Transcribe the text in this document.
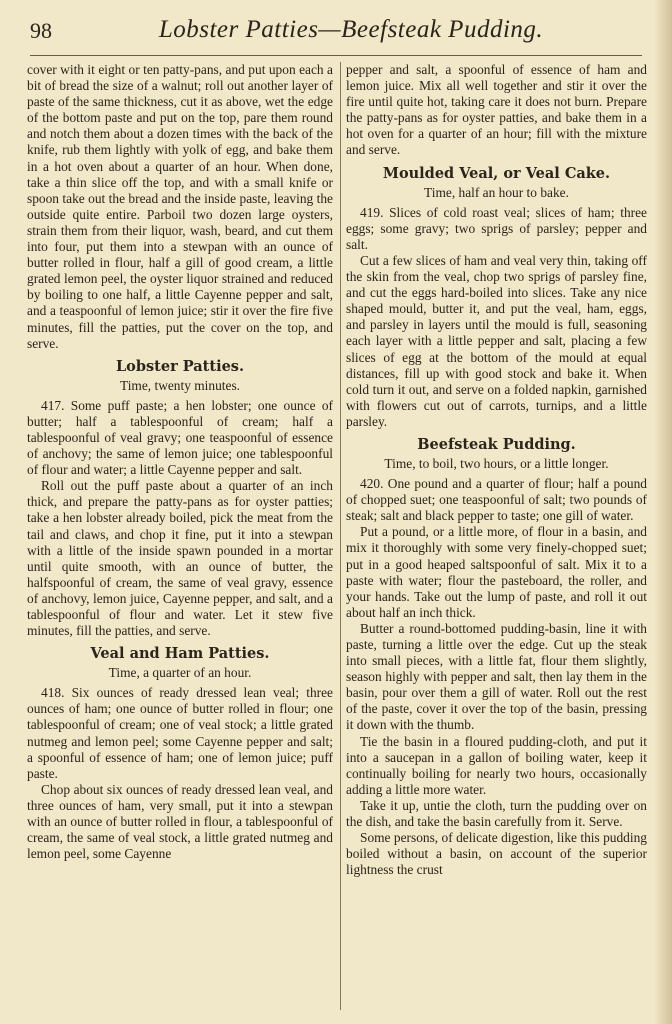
98	Lobster Patties—Beefsteak Pudding.

cover with it eight or ten patty-pans, and put upon each a bit of bread the size of a walnut; roll out another layer of paste of the same thickness, cut it as above, wet the edge of the bottom paste and put on the top, pare them round and notch them about a dozen times with the back of the knife, rub them lightly with yolk of egg, and bake them in a hot oven about a quarter of an hour. When done, take a thin slice off the top, and with a small knife or spoon take out the bread and the inside paste, leaving the outside quite entire. Parboil two dozen large oysters, strain them from their liquor, wash, beard, and cut them into four, put them into a stewpan with an ounce of butter rolled in flour, half a gill of good cream, a little grated lemon peel, the oyster liquor strained and reduced by boiling to one half, a little Cayenne pepper and salt, and a teaspoonful of lemon juice; stir it over the fire five minutes, fill the patties, put the cover on the top, and serve.

Lobster Patties.

Time, twenty minutes.

417. Some puff paste; a hen lobster; one ounce of butter; half a tablespoonful of cream; half a tablespoonful of veal gravy; one teaspoonful of essence of anchovy; the same of lemon juice; one tablespoonful of flour and water; a little Cayenne pepper and salt.

Roll out the puff paste about a quarter of an inch thick, and prepare the patty-pans as for oyster patties; take a hen lobster already boiled, pick the meat from the tail and claws, and chop it fine, put it into a stewpan with a little of the inside spawn pounded in a mortar until quite smooth, with an ounce of butter, the halfspoonful of cream, the same of veal gravy, essence of anchovy, lemon juice, Cayenne pepper, and salt, and a tablespoonful of flour and water. Let it stew five minutes, fill the patties, and serve.

Veal and Ham Patties.

Time, a quarter of an hour.

418. Six ounces of ready dressed lean veal; three ounces of ham; one ounce of butter rolled in flour; one tablespoonful of cream; one of veal stock; a little grated nutmeg and lemon peel; some Cayenne pepper and salt; a spoonful of essence of ham; one of lemon juice; puff paste.

Chop about six ounces of ready dressed lean veal, and three ounces of ham, very small, put it into a stewpan with an ounce of butter rolled in flour, a tablespoonful of cream, the same of veal stock, a little grated nutmeg and lemon peel, some Cayenne

pepper and salt, a spoonful of essence of ham and lemon juice. Mix all well together and stir it over the fire until quite hot, taking care it does not burn. Prepare the patty-pans as for oyster patties, and bake them in a hot oven for a quarter of an hour; fill with the mixture and serve.

Moulded Veal, or Veal Cake.

Time, half an hour to bake.

419. Slices of cold roast veal; slices of ham; three eggs; some gravy; two sprigs of parsley; pepper and salt.

Cut a few slices of ham and veal very thin, taking off the skin from the veal, chop two sprigs of parsley fine, and cut the eggs hard-boiled into slices. Take any nice shaped mould, butter it, and put the veal, ham, eggs, and parsley in layers until the mould is full, seasoning each layer with a little pepper and salt, placing a few slices of egg at the bottom of the mould at equal distances, fill up with good stock and bake it. When cold turn it out, and serve on a folded napkin, garnished with flowers cut out of carrots, turnips, and a little parsley.

Beefsteak Pudding.

Time, to boil, two hours, or a little longer.

420. One pound and a quarter of flour; half a pound of chopped suet; one teaspoonful of salt; two pounds of steak; salt and black pepper to taste; one gill of water.

Put a pound, or a little more, of flour in a basin, and mix it thoroughly with some very finely-chopped suet; put in a good heaped saltspoonful of salt. Mix it to a paste with water; flour the pasteboard, the roller, and your hands. Take out the lump of paste, and roll it out about half an inch thick.

Butter a round-bottomed pudding-basin, line it with paste, turning a little over the edge. Cut up the steak into small pieces, with a little fat, flour them slightly, season highly with pepper and salt, then lay them in the basin, pour over them a gill of water. Roll out the rest of the paste, cover it over the top of the basin, pressing it down with the thumb.

Tie the basin in a floured pudding-cloth, and put it into a saucepan in a gallon of boiling water, keep it continually boiling for nearly two hours, occasionally adding a little more water.

Take it up, untie the cloth, turn the pudding over on the dish, and take the basin carefully from it. Serve.

Some persons, of delicate digestion, like this pudding boiled without a basin, on account of the superior lightness the crust
